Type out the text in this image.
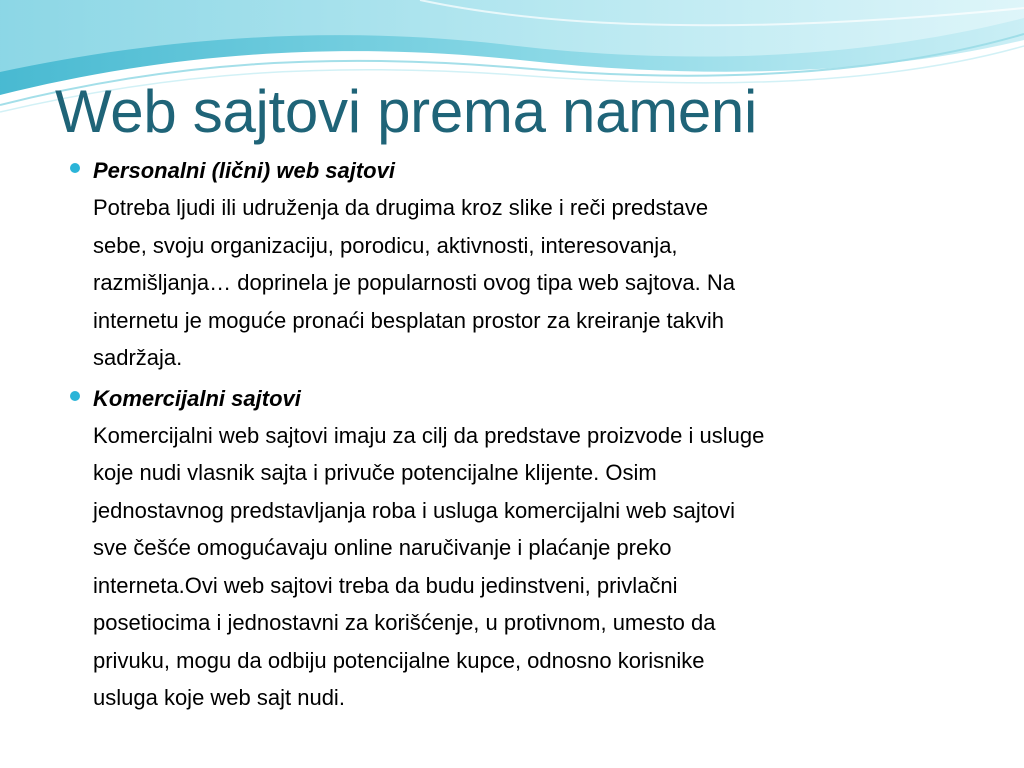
Web sajtovi prema nameni
Personalni (lični) web sajtovi
Potreba ljudi ili udruženja da drugima kroz slike i reči predstave
sebe, svoju organizaciju, porodicu, aktivnosti, interesovanja,
razmišljanja… doprinela je popularnosti ovog tipa web sajtova. Na
internetu je moguće pronaći besplatan prostor za kreiranje takvih
sadržaja.
Komercijalni sajtovi
Komercijalni web sajtovi imaju za cilj da predstave proizvode i usluge
koje nudi vlasnik sajta i privuče potencijalne klijente. Osim
jednostavnog predstavljanja roba i usluga komercijalni web sajtovi
sve češće omogućavaju online naručivanje i plaćanje preko
interneta.Ovi web sajtovi treba da budu jedinstveni, privlačni
posetiocima i jednostavni za korišćenje, u protivnom, umesto da
privuku, mogu da odbiju potencijalne kupce, odnosno korisnike
usluga koje web sajt nudi.
